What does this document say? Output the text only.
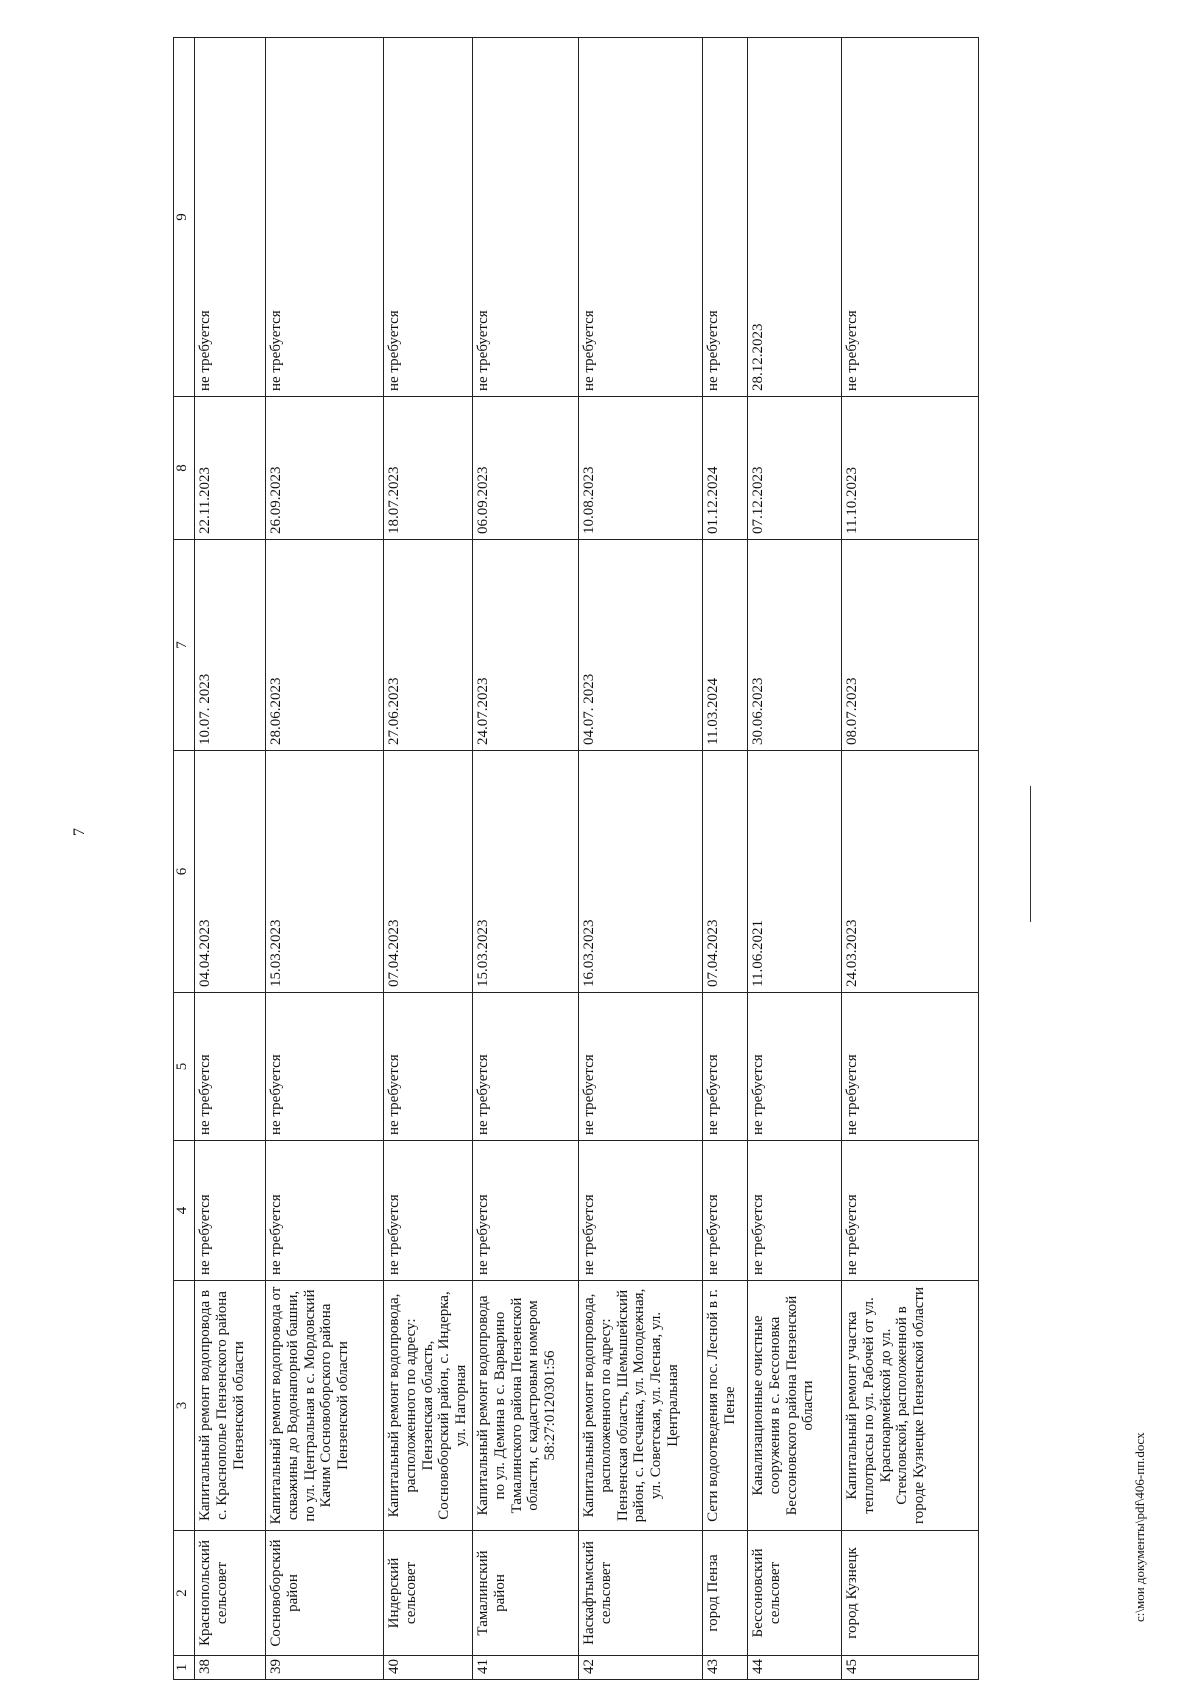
7
c:\мои документы\pdf\406-пп.docx
1	2	3	4	5	6	7	8	9
38	Краснопольский сельсовет	Капитальный ремонт водопровода в с. Краснополье Пензенского района Пензенской области	не требуется	не требуется	04.04.2023	10.07. 2023	22.11.2023	не требуется
39	Сосновоборский район	Капитальный ремонт водопровода от скважины до Водонапорной башни, по ул. Центральная в с. Мордовский Качим Сосновоборского района Пензенской области	не требуется	не требуется	15.03.2023	28.06.2023	26.09.2023	не требуется
40	Индерский сельсовет	Капитальный ремонт водопровода, расположенного по адресу: Пензенская область, Сосновоборский район, с. Индерка, ул. Нагорная	не требуется	не требуется	07.04.2023	27.06.2023	18.07.2023	не требуется
41	Тамалинский район	Капитальный ремонт водопровода по ул. Демина в с. Варварино Тамалинского района Пензенской области, с кадастровым номером 58:27:0120301:56	не требуется	не требуется	15.03.2023	24.07.2023	06.09.2023	не требуется
42	Наскафтымский сельсовет	Капитальный ремонт водопровода, расположенного по адресу: Пензенская область, Шемышейский район, с. Песчанка, ул. Молодежная, ул. Советская, ул. Лесная, ул. Центральная	не требуется	не требуется	16.03.2023	04.07. 2023	10.08.2023	не требуется
43	город Пенза	Сети водоотведения пос. Лесной в г. Пензе	не требуется	не требуется	07.04.2023	11.03.2024	01.12.2024	не требуется
44	Бессоновский сельсовет	Канализационные очистные сооружения в с. Бессоновка Бессоновского района Пензенской области	не требуется	не требуется	11.06.2021	30.06.2023	07.12.2023	28.12.2023
45	город Кузнецк	Капитальный ремонт участка теплотрассы по ул. Рабочей от ул. Красноармейской до ул. Стекловской, расположенной в городе Кузнецке Пензенской области	не требуется	не требуется	24.03.2023	08.07.2023	11.10.2023	не требуется
